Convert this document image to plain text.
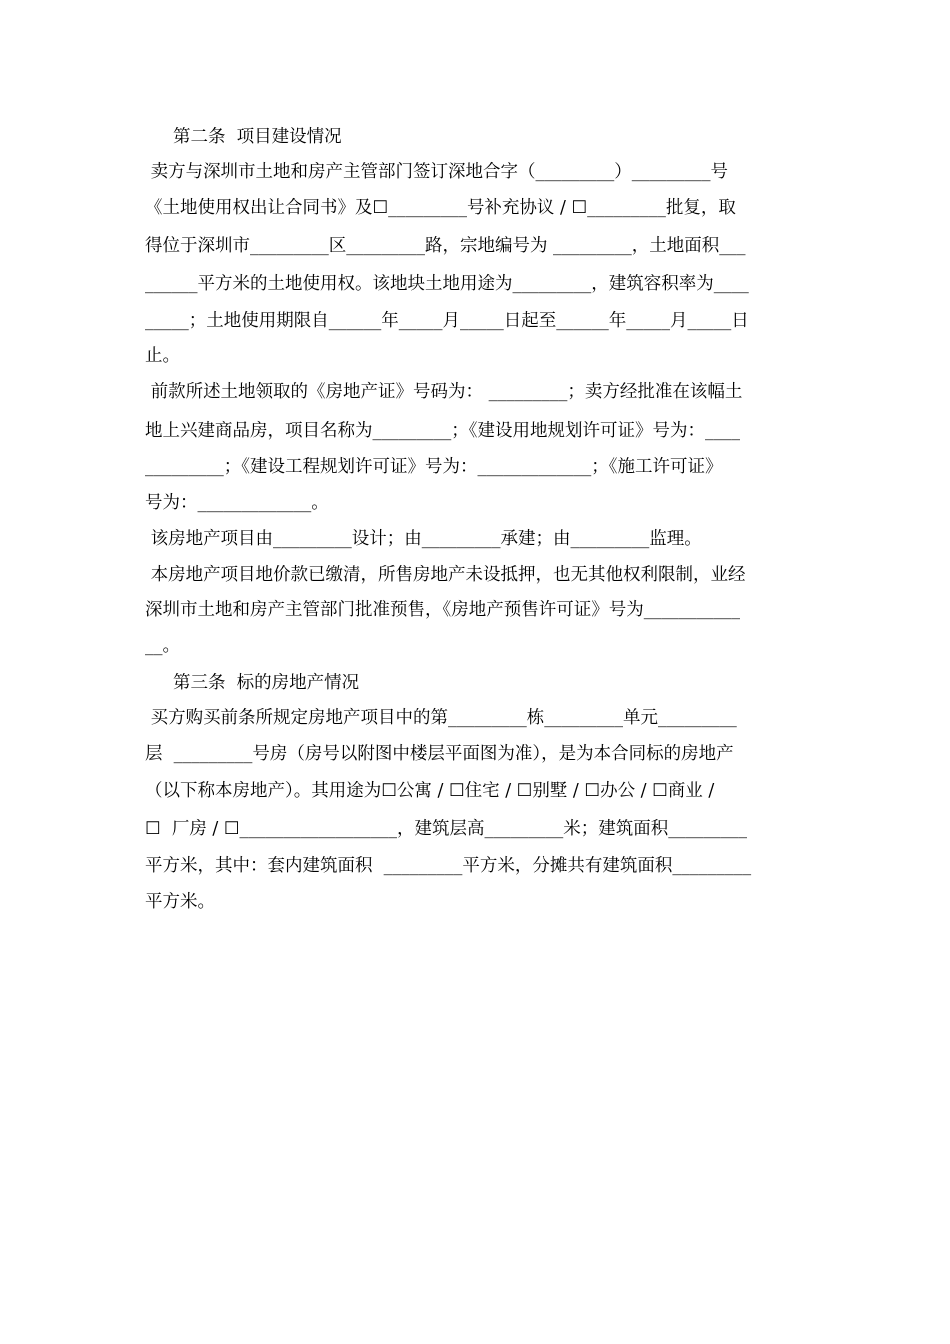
第二条  项目建设情况
卖方与深圳市土地和房产主管部门签订深地合字（_________）_________号
《土地使用权出让合同书》及☐_________号补充协议 / ☐_________批复，取
得位于深圳市_________区_________路，宗地编号为 _________，土地面积___
______平方米的土地使用权。该地块土地用途为_________，建筑容积率为____
_____；土地使用期限自______年_____月_____日起至______年_____月_____日
止。
前款所述土地领取的《房地产证》号码为： _________；卖方经批准在该幅土
地上兴建商品房，项目名称为_________；《建设用地规划许可证》号为：____
_________；《建设工程规划许可证》号为：_____________；《施工许可证》
号为：_____________。
该房地产项目由_________设计；由_________承建；由_________监理。
本房地产项目地价款已缴清，所售房地产未设抵押，也无其他权利限制，业经
深圳市土地和房产主管部门批准预售，《房地产预售许可证》号为___________
__。
第三条  标的房地产情况
买方购买前条所规定房地产项目中的第_________栋_________单元_________
层  _________号房（房号以附图中楼层平面图为准），是为本合同标的房地产
（以下称本房地产）。其用途为☐公寓 / ☐住宅 / ☐别墅 / ☐办公 / ☐商业 /
☐  厂房 / ☐__________________，建筑层高_________米；建筑面积_________
平方米，其中：套内建筑面积  _________平方米，分摊共有建筑面积_________
平方米。
